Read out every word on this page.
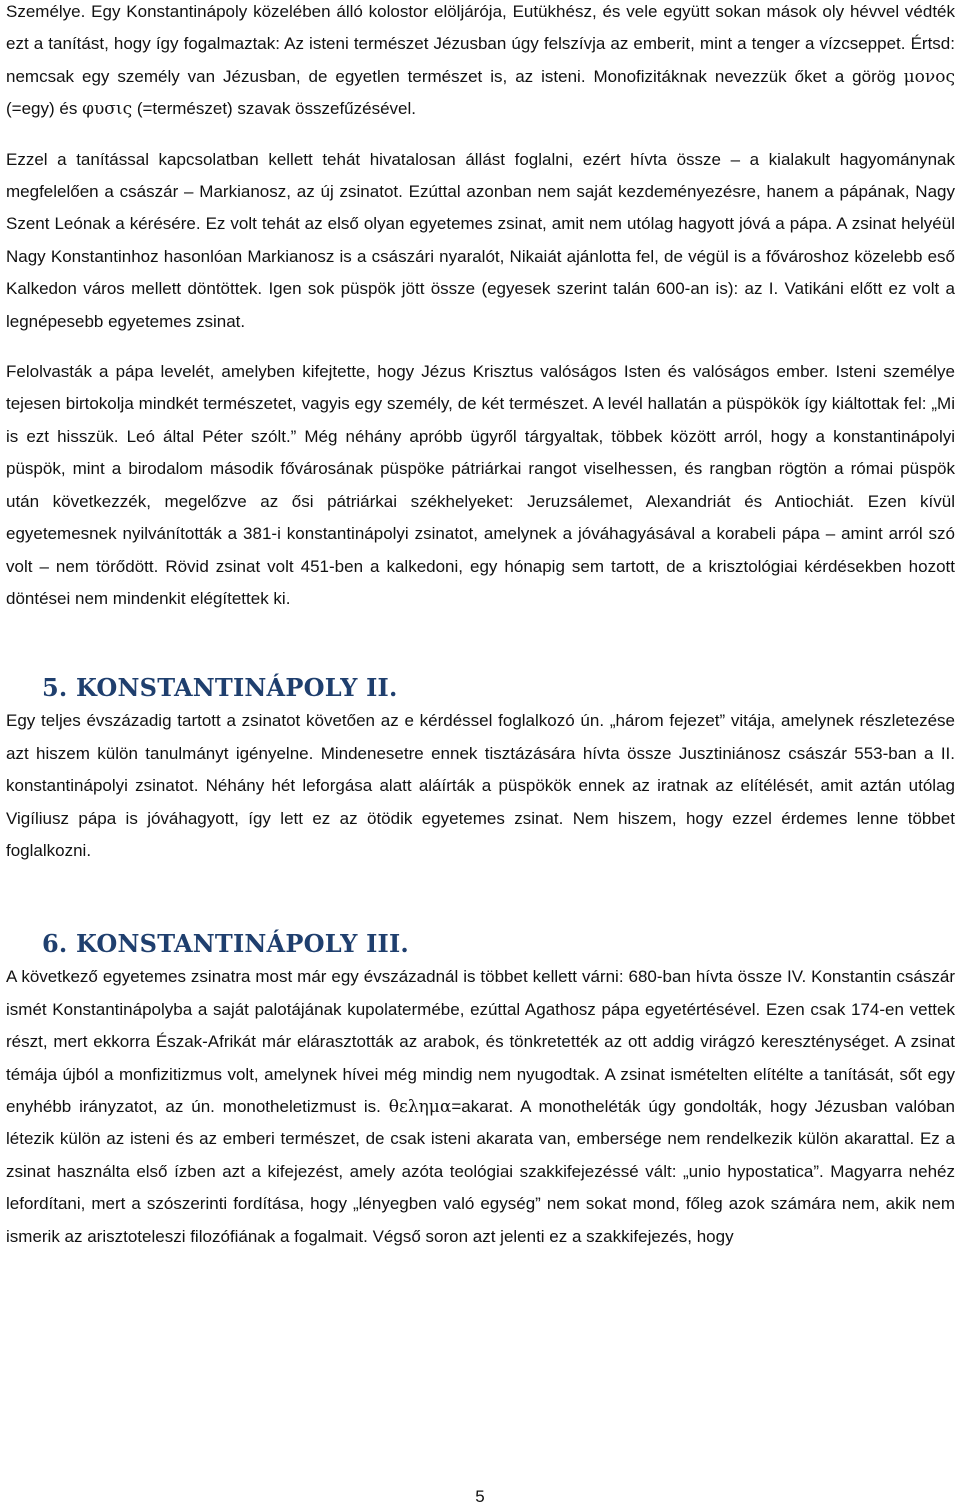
Személye. Egy Konstantinápoly közelében álló kolostor elöljárója, Eutükhész, és vele együtt sokan mások oly hévvel védték ezt a tanítást, hogy így fogalmaztak: Az isteni természet Jézusban úgy felszívja az emberit, mint a tenger a vízcseppet. Értsd: nemcsak egy személy van Jézusban, de egyetlen természet is, az isteni. Monofizitáknak nevezzük őket a görög μονος (=egy) és φυσις (=természet) szavak összefűzésével.

Ezzel a tanítással kapcsolatban kellett tehát hivatalosan állást foglalni, ezért hívta össze – a kialakult hagyománynak megfelelően a császár – Markianosz, az új zsinatot. Ezúttal azonban nem saját kezdeményezésre, hanem a pápának, Nagy Szent Leónak a kérésére. Ez volt tehát az első olyan egyetemes zsinat, amit nem utólag hagyott jóvá a pápa. A zsinat helyéül Nagy Konstantinhoz hasonlóan Markianosz is a császári nyaralót, Nikaiát ajánlotta fel, de végül is a fővároshoz közelebb eső Kalkedon város mellett döntöttek. Igen sok püspök jött össze (egyesek szerint talán 600-an is): az I. Vatikáni előtt ez volt a legnépesebb egyetemes zsinat.

Felolvasták a pápa levelét, amelyben kifejtette, hogy Jézus Krisztus valóságos Isten és valóságos ember. Isteni személye tejesen birtokolja mindkét természetet, vagyis egy személy, de két természet. A levél hallatán a püspökök így kiáltottak fel: „Mi is ezt hisszük. Leó által Péter szólt.” Még néhány apróbb ügyről tárgyaltak, többek között arról, hogy a konstantinápolyi püspök, mint a birodalom második fővárosának püspöke pátriárkai rangot viselhessen, és rangban rögtön a római püspök után következzék, megelőzve az ősi pátriárkai székhelyeket: Jeruzsálemet, Alexandriát és Antiochiát. Ezen kívül egyetemesnek nyilvánították a 381-i konstantinápolyi zsinatot, amelynek a jóváhagyásával a korabeli pápa – amint arról szó volt – nem törődött. Rövid zsinat volt 451-ben a kalkedoni, egy hónapig sem tartott, de a krisztológiai kérdésekben hozott döntései nem mindenkit elégítettek ki.

5. KONSTANTINÁPOLY II.

Egy teljes évszázadig tartott a zsinatot követően az e kérdéssel foglalkozó ún. „három fejezet” vitája, amelynek részletezése azt hiszem külön tanulmányt igényelne. Mindenesetre ennek tisztázására hívta össze Jusztiniánosz császár 553-ban a II. konstantinápolyi zsinatot. Néhány hét leforgása alatt aláírták a püspökök ennek az iratnak az elítélését, amit aztán utólag Vigíliusz pápa is jóváhagyott, így lett ez az ötödik egyetemes zsinat. Nem hiszem, hogy ezzel érdemes lenne többet foglalkozni.

6. KONSTANTINÁPOLY III.

A következő egyetemes zsinatra most már egy évszázadnál is többet kellett várni: 680-ban hívta össze IV. Konstantin császár ismét Konstantinápolyba a saját palotájának kupolatermébe, ezúttal Agathosz pápa egyetértésével. Ezen csak 174-en vettek részt, mert ekkorra Észak-Afrikát már elárasztották az arabok, és tönkretették az ott addig virágzó kereszténységet. A zsinat témája újból a monfizitizmus volt, amelynek hívei még mindig nem nyugodtak. A zsinat ismételten elítélte a tanítását, sőt egy enyhébb irányzatot, az ún. monotheletizmust is. θελημα=akarat. A monotheléták úgy gondolták, hogy Jézusban valóban létezik külön az isteni és az emberi természet, de csak isteni akarata van, embersége nem rendelkezik külön akarattal. Ez a zsinat használta első ízben azt a kifejezést, amely azóta teológiai szakkifejezéssé vált: „unio hypostatica”. Magyarra nehéz lefordítani, mert a szószerinti fordítása, hogy „lényegben való egység” nem sokat mond, főleg azok számára nem, akik nem ismerik az arisztoteleszi filozófiának a fogalmait. Végső soron azt jelenti ez a szakkifejezés, hogy

5
